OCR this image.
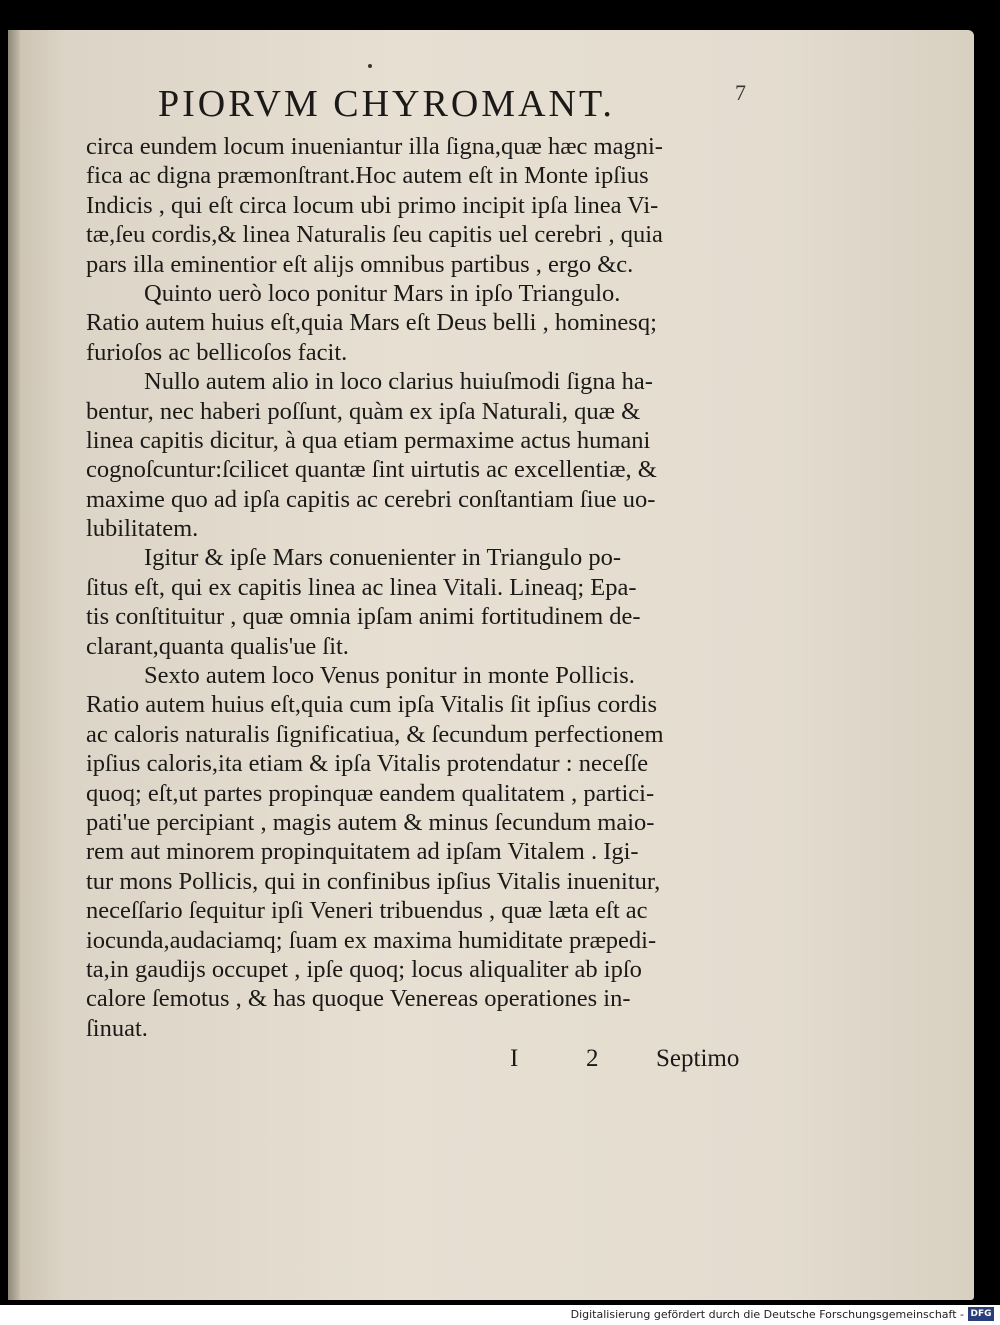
PIORVM CHYROMANT.	7
circa eundem locum inueniantur illa ſigna,quæ hæc magni-
fica ac digna præmonſtrant.Hoc autem eſt in Monte ipſius
Indicis , qui eſt circa locum ubi primo incipit ipſa linea Vi-
tæ,ſeu cordis,& linea Naturalis ſeu capitis uel cerebri , quia
pars illa eminentior eſt alijs omnibus partibus , ergo &c.
Quinto uerò loco ponitur Mars in ipſo Triangulo.
Ratio autem huius eſt,quia Mars eſt Deus belli , hominesq;
furioſos ac bellicoſos facit.
Nullo autem alio in loco clarius huiuſmodi ſigna ha-
bentur, nec haberi poſſunt, quàm ex ipſa Naturali, quæ &
linea capitis dicitur, à qua etiam permaxime actus humani
cognoſcuntur:ſcilicet quantæ ſint uirtutis ac excellentiæ, &
maxime quo ad ipſa capitis ac cerebri conſtantiam ſiue uo-
lubilitatem.
Igitur & ipſe Mars conuenienter in Triangulo po-
ſitus eſt, qui ex capitis linea ac linea Vitali. Lineaq; Epa-
tis conſtituitur , quæ omnia ipſam animi fortitudinem de-
clarant,quanta qualis'ue ſit.
Sexto autem loco Venus ponitur in monte Pollicis.
Ratio autem huius eſt,quia cum ipſa Vitalis ſit ipſius cordis
ac caloris naturalis ſignificatiua, & ſecundum perfectionem
ipſius caloris,ita etiam & ipſa Vitalis protendatur : neceſſe
quoq; eſt,ut partes propinquæ eandem qualitatem , partici-
pati'ue percipiant , magis autem & minus ſecundum maio-
rem aut minorem propinquitatem ad ipſam Vitalem . Igi-
tur mons Pollicis, qui in confinibus ipſius Vitalis inuenitur,
neceſſario ſequitur ipſi Veneri tribuendus , quæ læta eſt ac
iocunda,audaciamq; ſuam ex maxima humiditate præpedi-
ta,in gaudijs occupet , ipſe quoq; locus aliqualiter ab ipſo
calore ſemotus , & has quoque Venereas operationes in-
ſinuat.
I	2 Septimo
Digitalisierung gefördert durch die Deutsche Forschungsgemeinschaft - DFG
